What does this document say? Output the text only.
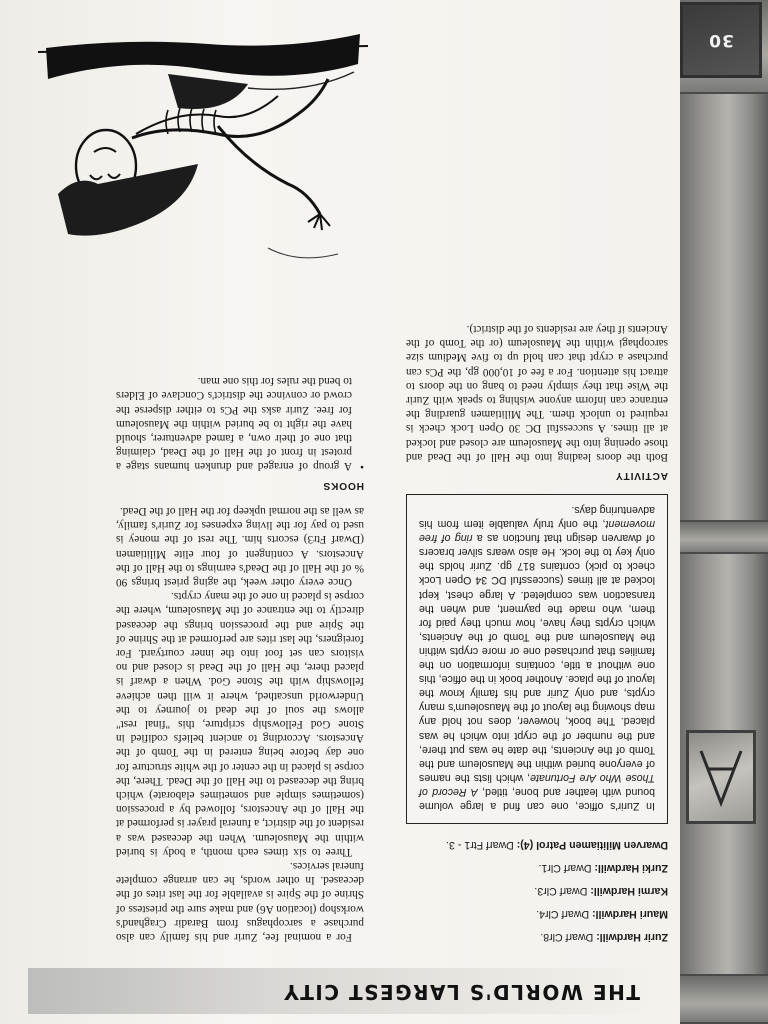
30
THE WORLD'S LARGEST CITY
Zurir Hardwill: Dwarf Clr8.
Mauri Hardwill: Dwarf Clr4.
Karmi Hardwill: Dwarf Clr3.
Zurki Hardwill: Dwarf Clr1.
Dwarven Militiamen Patrol (4): Dwarf Ftr1 - 3.
In Zurir's office, one can find a large volume bound with leather and bone, titled, A Record of Those Who Are Fortunate, which lists the names of everyone buried within the Mausoleum and the Tomb of the Ancients, the date he was put there, and the number of the crypt into which he was placed. The book, however, does not hold any map showing the layout of the Mausoleum's many crypts, and only Zurir and his family know the layout of the place. Another book in the office, this one without a title, contains information on the families that purchased one or more crypts within the Mausoleum and the Tomb of the Ancients, which crypts they have, how much they paid for them, who made the payment, and when the transaction was completed. A large chest, kept locked at all times (successful DC 34 Open Lock check to pick) contains 817 gp. Zurir holds the only key to the lock. He also wears silver bracers of dwarven design that function as a ring of free movement, the only truly valuable item from his adventuring days.
ACTIVITY

Both the doors leading into the Hall of the Dead and those opening into the Mausoleum are closed and locked at all times. A successful DC 30 Open Lock check is required to unlock them. The Militiamen guarding the entrance can inform anyone wishing to speak with Zurir the Wise that they simply need to bang on the doors to attract his attention. For a fee of 10,000 gp, the PCs can purchase a crypt that can hold up to five Medium size sarcophagi within the Mausoleum (or the Tomb of the Ancients if they are residents of the district).

For a nominal fee, Zurir and his family can also purchase a sarcophagus from Baradir Craghand's workshop (location A6) and make sure the priestess of Shrine of the Spire is available for the last rites of the deceased. In other words, he can arrange complete funeral services.

Three to six times each month, a body is buried within the Mausoleum. When the deceased was a resident of the district, a funeral prayer is performed at the Hall of the Ancestors, followed by a procession (sometimes simple and sometimes elaborate) which bring the deceased to the Hall of the Dead. There, the corpse is placed in the center of the white structure for one day before being entered in the Tomb of the Ancestors. According to ancient beliefs codified in Stone God Fellowship scripture, this "final rest" allows the soul of the dead to journey to the Underworld unscathed, where it will then achieve fellowship with the Stone God. When a dwarf is placed there, the Hall of the Dead is closed and no visitors can set foot into the inner courtyard. For foreigners, the last rites are performed at the Shrine of the Spire and the procession brings the deceased directly to the entrance of the Mausoleum, where the corpse is placed in one of the many crypts.

Once every other week, the aging priest brings 90 % of the Hall of the Dead's earnings to the Hall of the Ancestors. A contingent of four elite Militiamen (Dwarf Ftr3) escorts him. The rest of the money is used to pay for the living expenses for Zurir's family, as well as the normal upkeep for the Hall of the Dead.

HOOKS
• A group of enraged and drunken humans stage a protest in front of the Hall of the Dead, claiming that one of their own, a famed adventurer, should have the right to be buried within the Mausoleum for free. Zurir asks the PCs to either disperse the crowd or convince the district's Conclave of Elders to bend the rules for this one man.
